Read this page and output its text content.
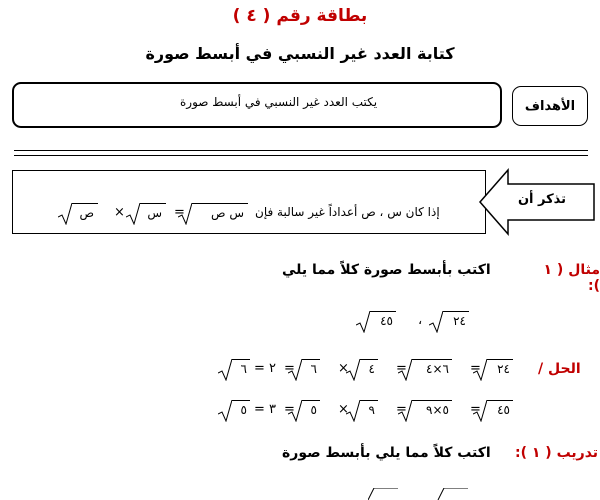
بطاقة رقم ( ٤ )
كتابة العدد غير النسبي في أبسط صورة
يكتب العدد غير النسبي في أبسط صورة	الأهداف
تذكر أن
إذا كان س ، ص أعداداً غير سالبة فإن
س ص
=
س
×
ص
مثال ( ١ ):
اكتب بأبسط صورة كلاً مما يلي
٢٤
،
٤٥
الحل /
٢٤
=
٦×٤
=
٤
×
٦
٢ = =
٦
٤٥
=
٥×٩
=
٩
×
٥
=
٣ =
٥
تدريب ( ١ ):
اكتب كلاً مما يلي بأبسط صورة
